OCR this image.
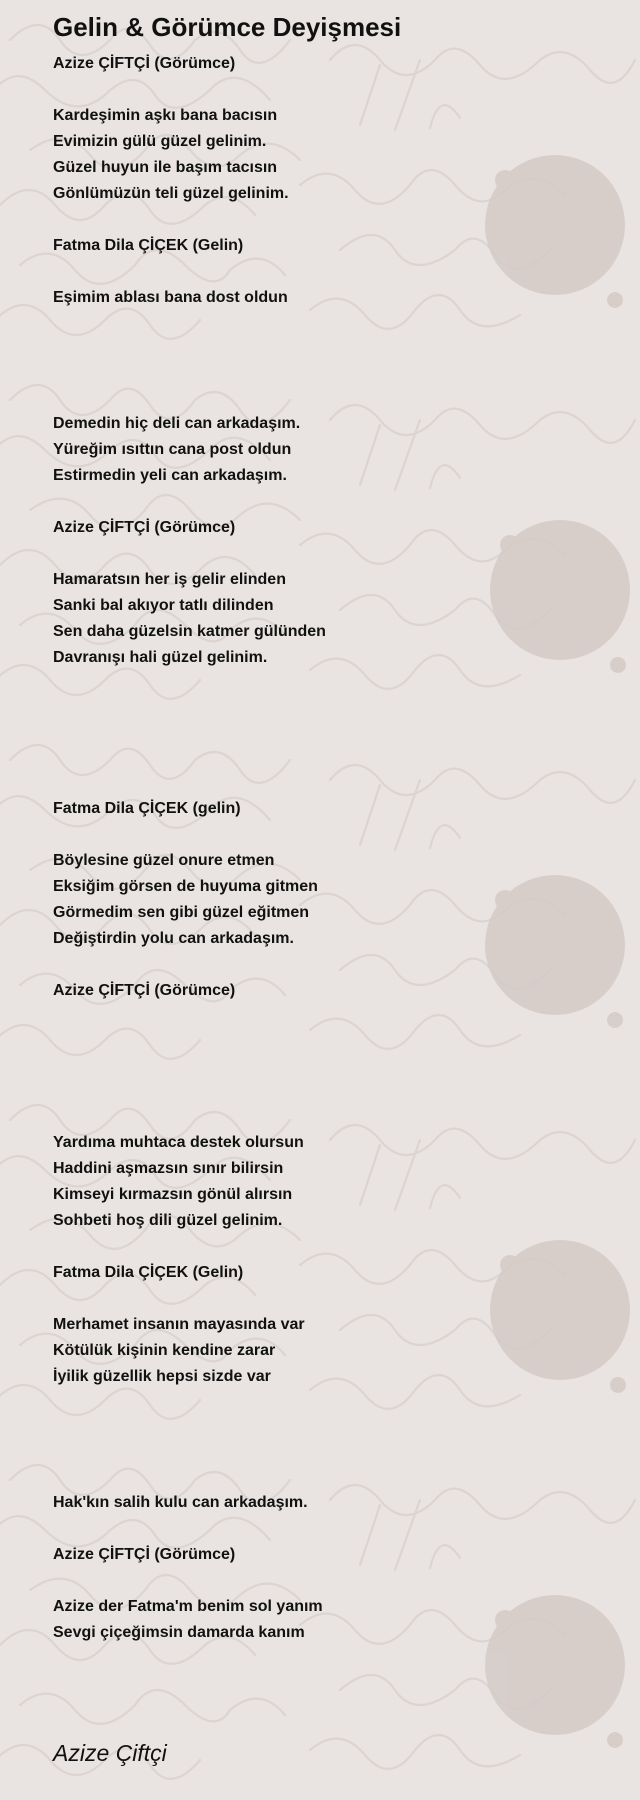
Gelin & Görümce Deyişmesi
Azize ÇİFTÇİ (Görümce)
Kardeşimin aşkı bana bacısın
Evimizin gülü güzel gelinim.
Güzel huyun ile başım tacısın
Gönlümüzün teli güzel gelinim.
Fatma Dila ÇİÇEK (Gelin)
Eşimim ablası bana dost oldun
Demedin hiç deli can arkadaşım.
Yüreğim ısıttın cana post oldun
Estirmedin yeli can arkadaşım.
Azize ÇİFTÇİ (Görümce)
Hamaratsın her iş gelir elinden
Sanki bal akıyor tatlı dilinden
Sen daha güzelsin katmer gülünden
Davranışı hali güzel gelinim.
Fatma Dila ÇİÇEK (gelin)
Böylesine güzel onure etmen
Eksiğim görsen de huyuma gitmen
Görmedim sen gibi güzel eğitmen
Değiştirdin yolu can arkadaşım.
Azize ÇİFTÇİ (Görümce)
Yardıma muhtaca destek olursun
Haddini aşmazsın sınır bilirsin
Kimseyi kırmazsın gönül alırsın
Sohbeti hoş dili güzel gelinim.
Fatma Dila ÇİÇEK (Gelin)
Merhamet insanın mayasında var
Kötülük kişinin kendine zarar
İyilik güzellik hepsi sizde var
Hak'kın salih kulu can arkadaşım.
Azize ÇİFTÇİ (Görümce)
Azize der Fatma'm benim sol yanım
Sevgi çiçeğimsin damarda kanım
Azize Çiftçi
